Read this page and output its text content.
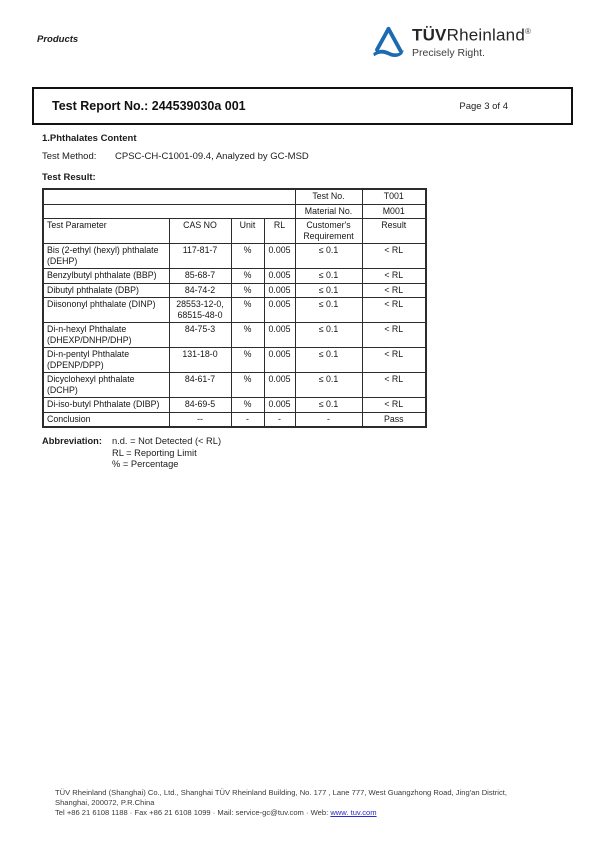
Products	TÜVRheinland®
Precisely Right.
Test Report No.: 244539030a 001	Page 3 of 4
1.Phthalates Content
Test Method:	CPSC-CH-C1001-09.4, Analyzed by GC-MSD
Test Result:
				Test No.	T001
				Material No.	M001
Test Parameter	CAS NO	Unit	RL	Customer's Requirement	Result
Bis (2-ethyl (hexyl) phthalate (DEHP)	117-81-7	%	0.005	≤ 0.1	< RL
Benzylbutyl phthalate (BBP)	85-68-7	%	0.005	≤ 0.1	< RL
Dibutyl phthalate (DBP)	84-74-2	%	0.005	≤ 0.1	< RL
Diisononyl phthalate (DINP)	28553-12-0, 68515-48-0	%	0.005	≤ 0.1	< RL
Di-n-hexyl Phthalate (DHEXP/DNHP/DHP)	84-75-3	%	0.005	≤ 0.1	< RL
Di-n-pentyl Phthalate (DPENP/DPP)	131-18-0	%	0.005	≤ 0.1	< RL
Dicyclohexyl phthalate (DCHP)	84-61-7	%	0.005	≤ 0.1	< RL
Di-iso-butyl Phthalate (DIBP)	84-69-5	%	0.005	≤ 0.1	< RL
Conclusion	--	-	-	-	Pass
Abbreviation:	n.d. = Not Detected (< RL)
RL = Reporting Limit
% = Percentage
TÜV Rheinland (Shanghai) Co., Ltd., Shanghai TÜV Rheinland Building, No. 177 , Lane 777, West Guangzhong Road, Jing'an District,
Shanghai, 200072, P.R.China
Tel +86 21 6108 1188 · Fax +86 21 6108 1099 · Mail: service-gc@tuv.com · Web: www. tuv.com
